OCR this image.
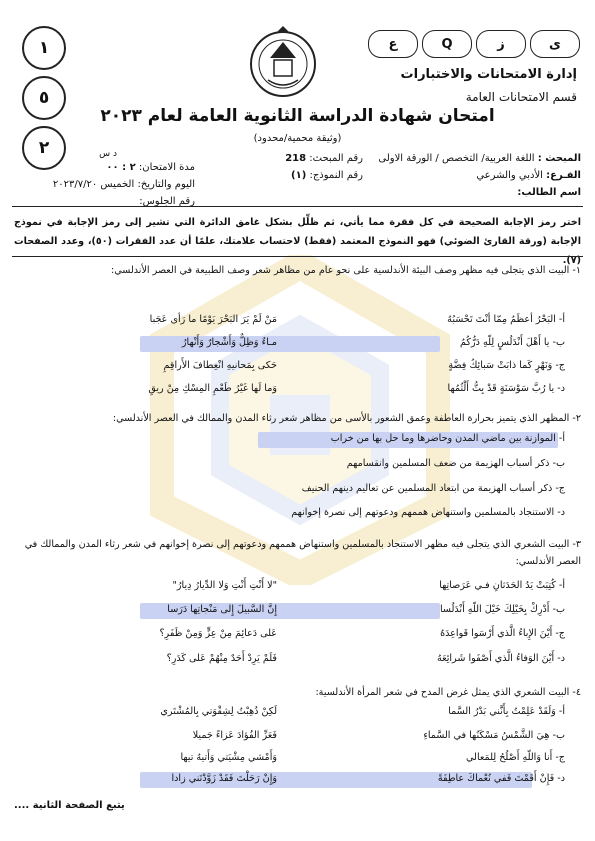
١
٥
٢
ع	Q	ز	ى
إدارة الامتحانات والاختبارات
قسم الامتحانات العامة
امتحان شهادة الدراسة الثانوية العامة لعام ٢٠٢٣
(وثيقة محمية/محدود)
المبحث : اللغة العربية/ التخصص / الورقة الاولى
الفـرع: الأدبي والشرعي
اسم الطالب:
رقم المبحث: 218
رقم النموذج: (١)
د س
مدة الامتحان: ٢ : ٠٠
اليوم والتاريخ: الخميس ٢٠٢٣/٧/٢٠
رقم الجلوس:
اختر رمز الإجابة الصحيحة في كل فقرة مما يأتي، ثم ظلِّل بشكل غامق الدائرة التي تشير إلى رمز الإجابة في نموذج الإجابة (ورقة القارئ الضوئي) فهو النموذج المعتمد (فقط) لاحتساب علامتك، علمًا أن عدد الفقرات (٥٠)، وعدد الصفحات (٧).
١- البيت الذي يتجلى فيه مظهر وصف البيئة الأندلسية على نحو عام من مظاهر شعر وصف الطبيعة في العصر الأندلسي:
أ- البَحْرُ أعظَمُ مِمّا أنْتَ تَحْسَبُهُ
مَنْ لَمْ يَرَ البَحْرَ يَوْمًا ما رَأى عَجَبا
ب- يا أَهْلَ أَنْدَلُسٍ لِلّهِ دَرُّكُمُ
مـاءٌ وَظِلٌّ وَأَشْجارٌ وَأَنْهارُ
ج- وَنَهْرٍ كَما ذابَتْ سَبائِكُ فِضَّةٍ
حَكى بِمَحانيهِ انْعِطافَ الأَراقِمِ
د- يا رُبَّ سَوْسَنَةٍ قَدْ بِتُّ أَلْثُمُها
وَما لَها غَيْرُ طَعْمِ المِسْكِ مِنْ ريقِ
٢- المظهر الذي يتميز بحرارة العاطفة وعمق الشعور بالأسى من مظاهر شعر رثاء المدن والممالك في العصر الأندلسي:
أ- الموازنة بين ماضي المدن وحاضرها وما حل بها من خراب
ب- ذكر أسباب الهزيمة من ضعف المسلمين وانقسامهم
ج- ذكر أسباب الهزيمة من ابتعاد المسلمين عن تعاليم دينهم الحنيف
د- الاستنجاد بالمسلمين واستنهاض هممهم ودعوتهم إلى نصرة إخوانهم
٣- البيت الشعري الذي يتجلى فيه مظهر الاستنجاد بالمسلمين واستنهاض هممهم ودعوتهم إلى نصرة إخوانهم في شعر رثاء المدن والممالك في العصر الأندلسي:
أ- كُتِبَتْ يَدُ الحَدَثانِ فـي عَرَصاتِها
"لا أَنْتِ أَنْتِ وَلا الدِّيارُ دِيارُ"
ب- أَدْرِكْ بِخَيْلِكَ خَيْلَ اللّهِ أَنْدَلُسا
إِنَّ السَّبيلَ إِلى مَنْجاتِها دَرَسا
ج- أَيْنَ الإِباءُ الَّذي أَرْسَوا قَواعِدَهُ
عَلى دَعائِمَ مِنْ عِزٍّ وَمِنْ ظَفَرِ؟
د- أَيْنَ الوَفاءُ الَّذي أَصْفَوا شَرائِعَهُ
فَلَمْ يَرِدْ أَحَدٌ مِنْهُمْ عَلى كَدَرِ؟
٤- البيت الشعري الذي يمثل غرض المدح في شعر المرأة الأندلسية:
أ- وَلَقَدْ عَلِمْتُ بِأَنَّني بَدْرُ السَّما
لَكِنْ ذُهِبْتُ لِشِقْوَتي بِالمُشْتَري
ب- هِيَ الشَّمْسُ مَسْكَنُها في السَّماءِ
فَعَزِّ الفُؤادَ عَزاءً جَميلا
ج- أَنا وَاللّهِ أَصْلُحُ لِلمَعالي
وَأَمْشي مِشْيَتي وَأَتيهُ تيها
د- فَإِنْ أَقَمْتَ فَفي نُعْماكَ عاطِفَةً
وَإِنْ رَحَلْتَ فَقَدْ زَوَّدْتَني زادا
يتبع الصفحة الثانية ....
